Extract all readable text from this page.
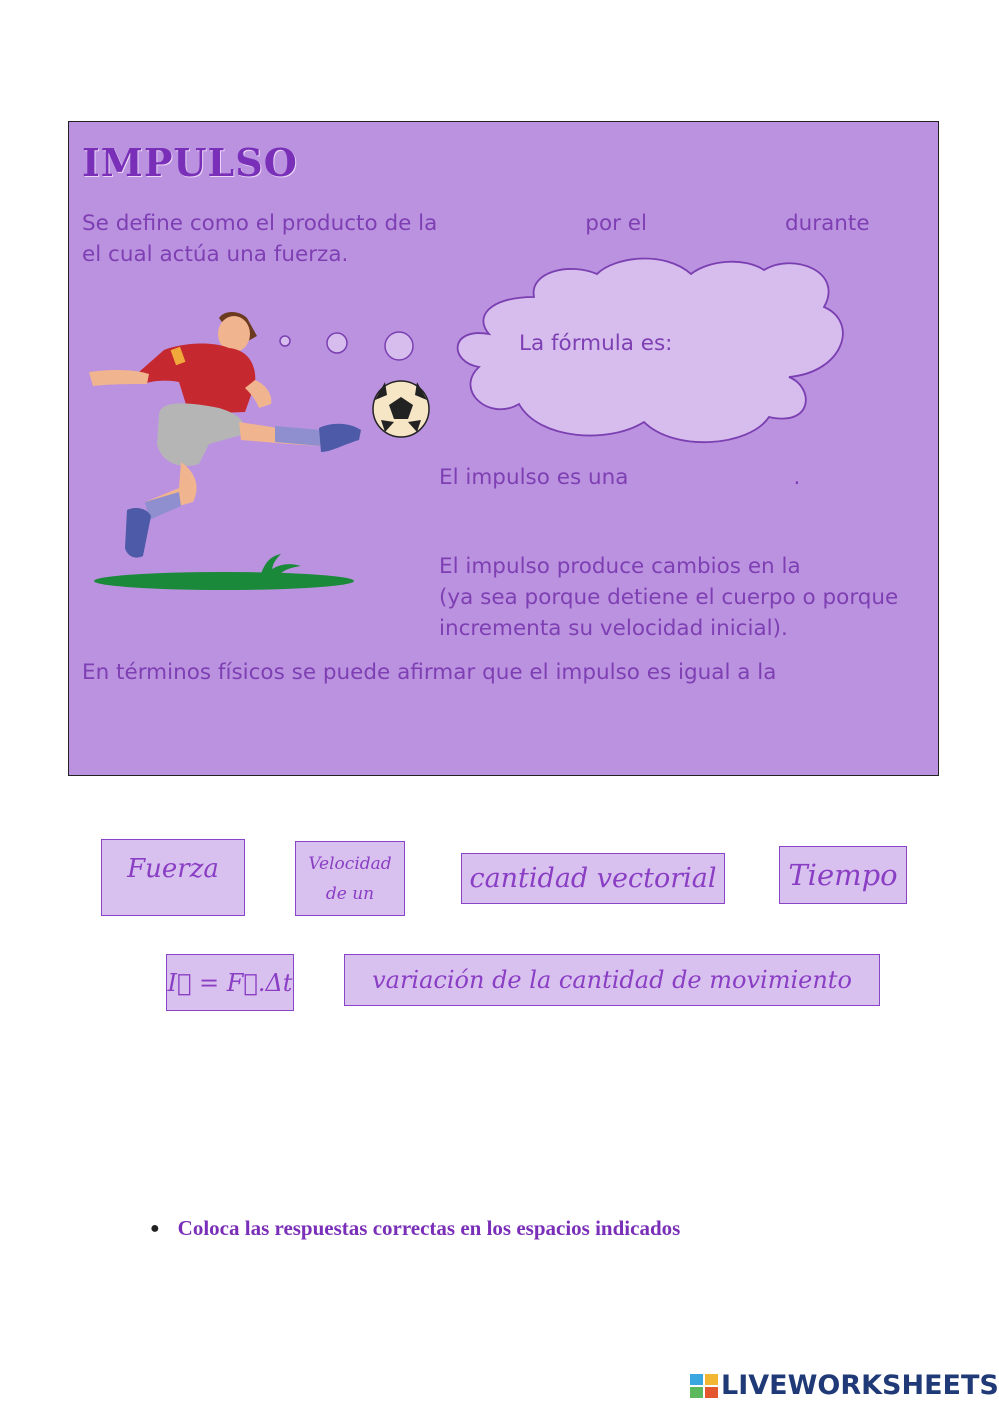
IMPULSO

Se define como el producto de la	por el	durante

el cual actúa una fuerza.

La fórmula es:

El impulso es una	.

El impulso produce cambios en la

(ya sea porque detiene el cuerpo o porque

incrementa su velocidad inicial).

En términos físicos se puede afirmar que el impulso es igual a la

Fuerza	Velocidad
de un	cantidad vectorial Tiempo
I⃗ = F⃗.Δt	variación de la cantidad de movimiento

● Coloca las respuestas correctas en los espacios indicados

LIVEWORKSHEETS
